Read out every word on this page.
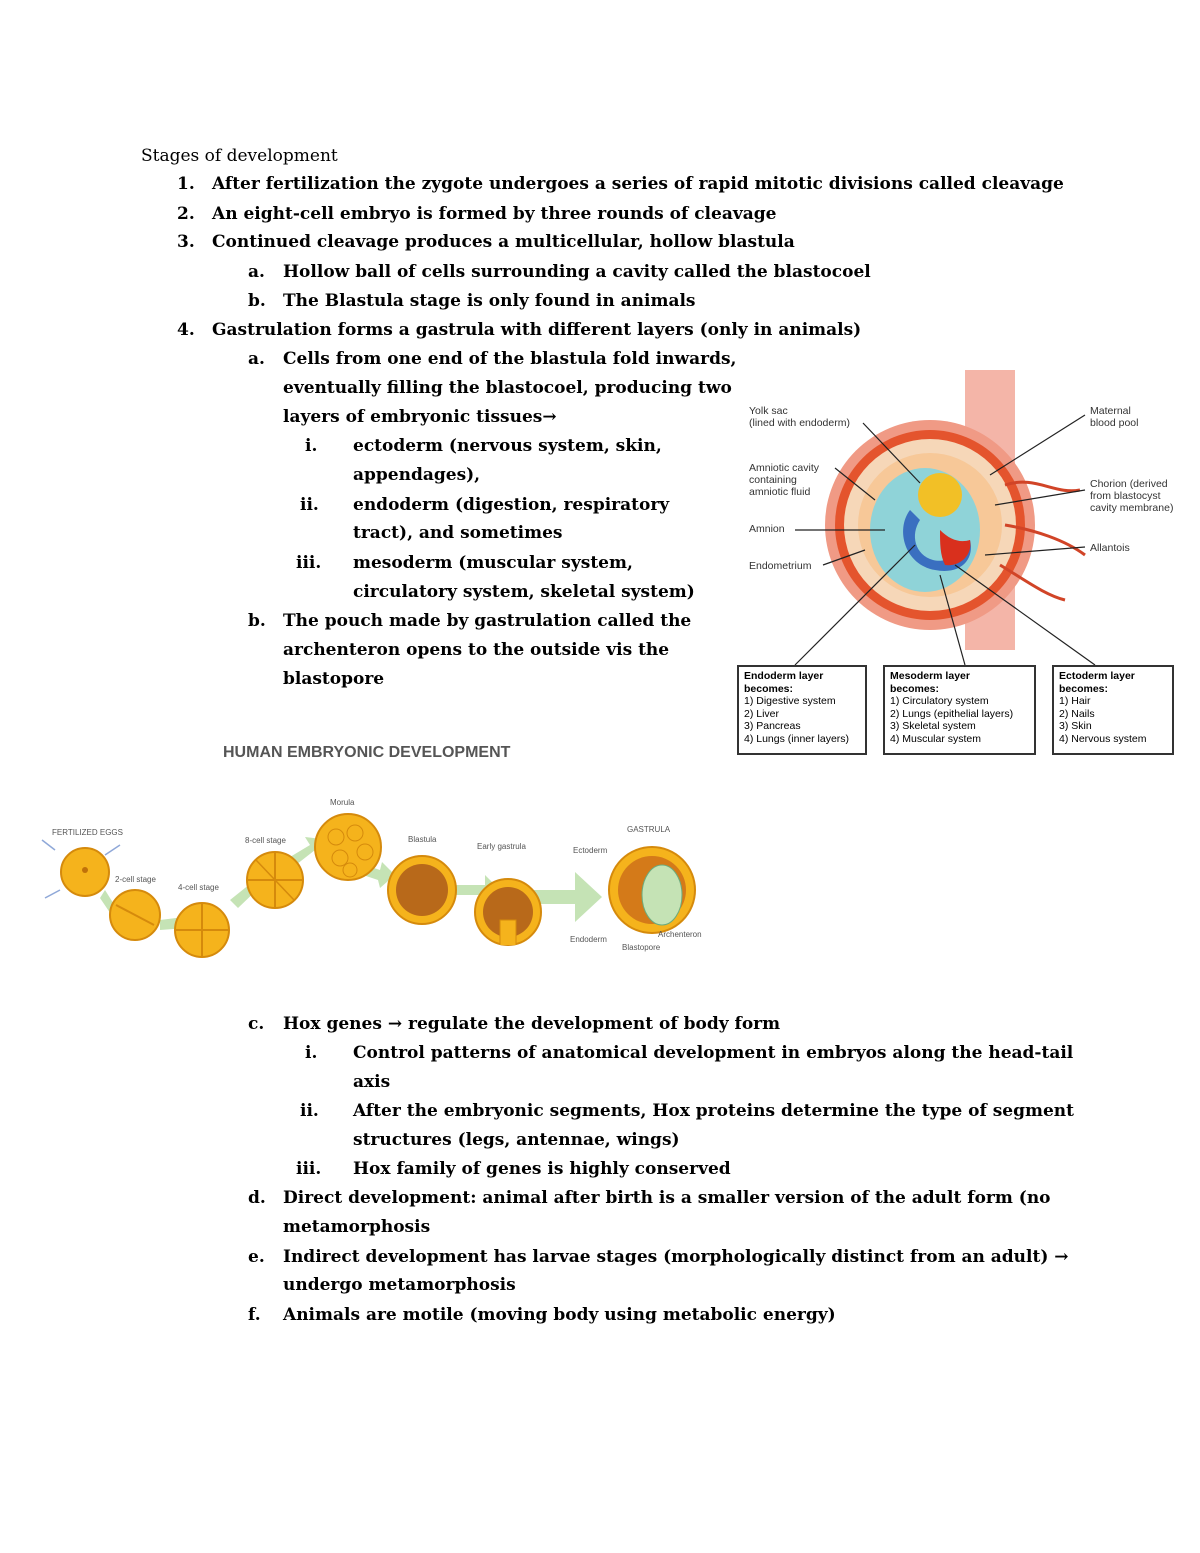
Stages of development
1. After fertilization the zygote undergoes a series of rapid mitotic divisions called cleavage
2. An eight-cell embryo is formed by three rounds of cleavage
3. Continued cleavage produces a multicellular, hollow blastula
a. Hollow ball of cells surrounding a cavity called the blastocoel
b. The Blastula stage is only found in animals
4. Gastrulation forms a gastrula with different layers (only in animals)
a. Cells from one end of the blastula fold inwards,
eventually filling the blastocoel, producing two
layers of embryonic tissues→
i. ectoderm (nervous system, skin,
appendages),
ii. endoderm (digestion, respiratory
tract), and sometimes
iii. mesoderm (muscular system,
circulatory system, skeletal system)
b. The pouch made by gastrulation called the
archenteron opens to the outside vis the
blastopore
Yolk sac
(lined with endoderm)
Amniotic cavity
containing
amniotic fluid
Amnion
Endometrium
Maternal
blood pool
Chorion (derived
from blastocyst
cavity membrane)
Allantois
Endoderm layer
becomes:
1) Digestive system
2) Liver
3) Pancreas
4) Lungs (inner layers)
Mesoderm layer
becomes:
1) Circulatory system
2) Lungs (epithelial layers)
3) Skeletal system
4) Muscular system
Ectoderm layer
becomes:
1) Hair
2) Nails
3) Skin
4) Nervous system
HUMAN EMBRYONIC DEVELOPMENT
FERTILIZED EGGS
2-cell stage
4-cell stage
8-cell stage
Morula
Blastula
Early gastrula
GASTRULA
Ectoderm
Endoderm
Archenteron
Blastopore
c. Hox genes → regulate the development of body form
i. Control patterns of anatomical development in embryos along the head-tail
axis
ii. After the embryonic segments, Hox proteins determine the type of segment
structures (legs, antennae, wings)
iii. Hox family of genes is highly conserved
d. Direct development: animal after birth is a smaller version of the adult form (no
metamorphosis
e. Indirect development has larvae stages (morphologically distinct from an adult) →
undergo metamorphosis
f. Animals are motile (moving body using metabolic energy)
